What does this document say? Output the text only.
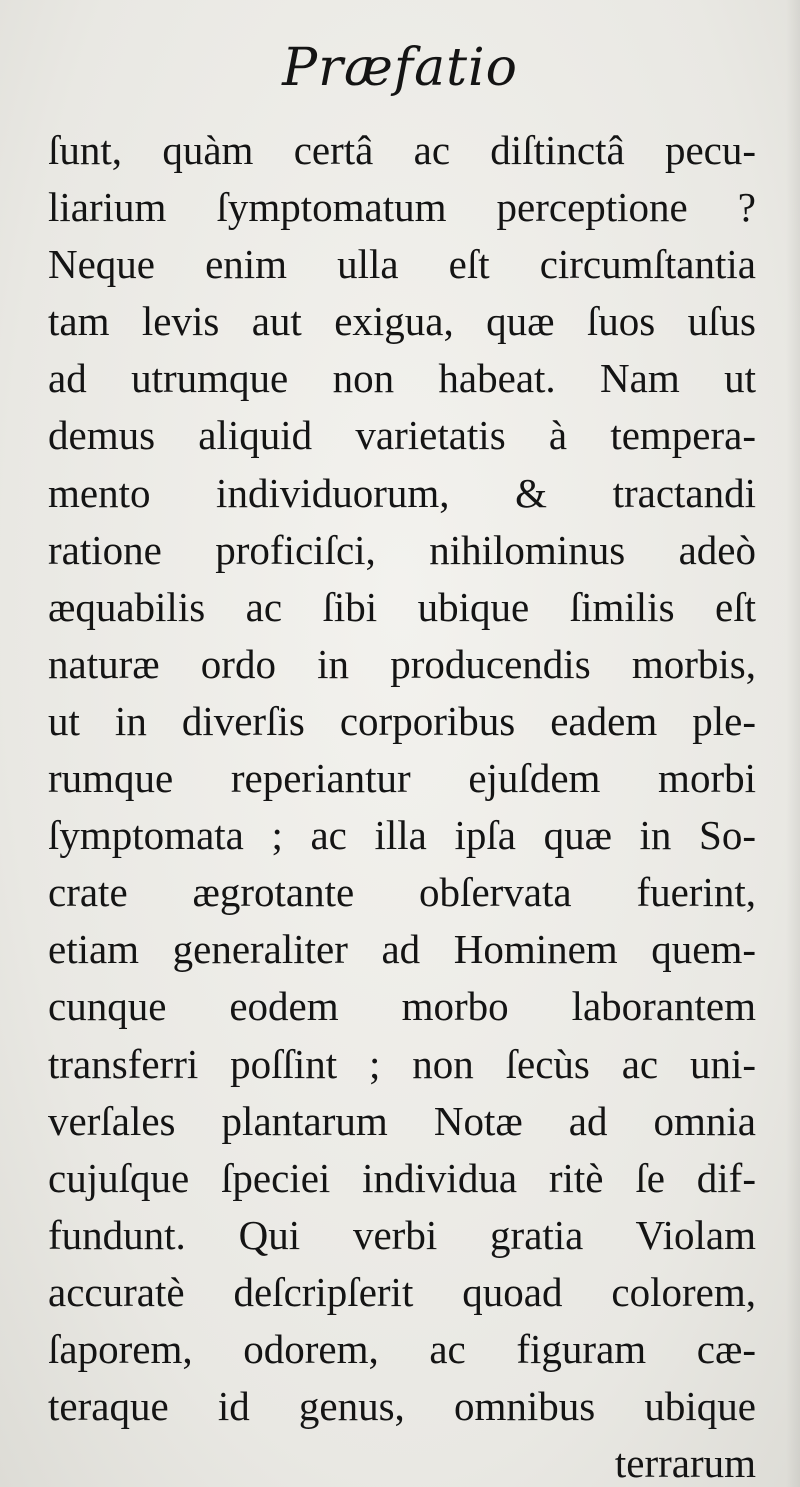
Præfatio
ſunt, quàm certâ ac diſtinctâ pecu-
liarium ſymptomatum perceptione ?
Neque enim ulla eſt circumſtantia
tam levis aut exigua, quæ ſuos uſus
ad utrumque non habeat. Nam ut
demus aliquid varietatis à tempera-
mento individuorum, & tractandi
ratione proficiſci, nihilominus adeò
æquabilis ac ſibi ubique ſimilis eſt
naturæ ordo in producendis morbis,
ut in diverſis corporibus eadem ple-
rumque reperiantur ejuſdem morbi
ſymptomata ; ac illa ipſa quæ in So-
crate ægrotante obſervata fuerint,
etiam generaliter ad Hominem quem-
cunque eodem morbo laborantem
transferri poſſint ; non ſecùs ac uni-
verſales plantarum Notæ ad omnia
cujuſque ſpeciei individua ritè ſe dif-
fundunt. Qui verbi gratia Violam
accuratè deſcripſerit quoad colorem,
ſaporem, odorem, ac figuram cæ-
teraque id genus, omnibus ubique
terrarum
